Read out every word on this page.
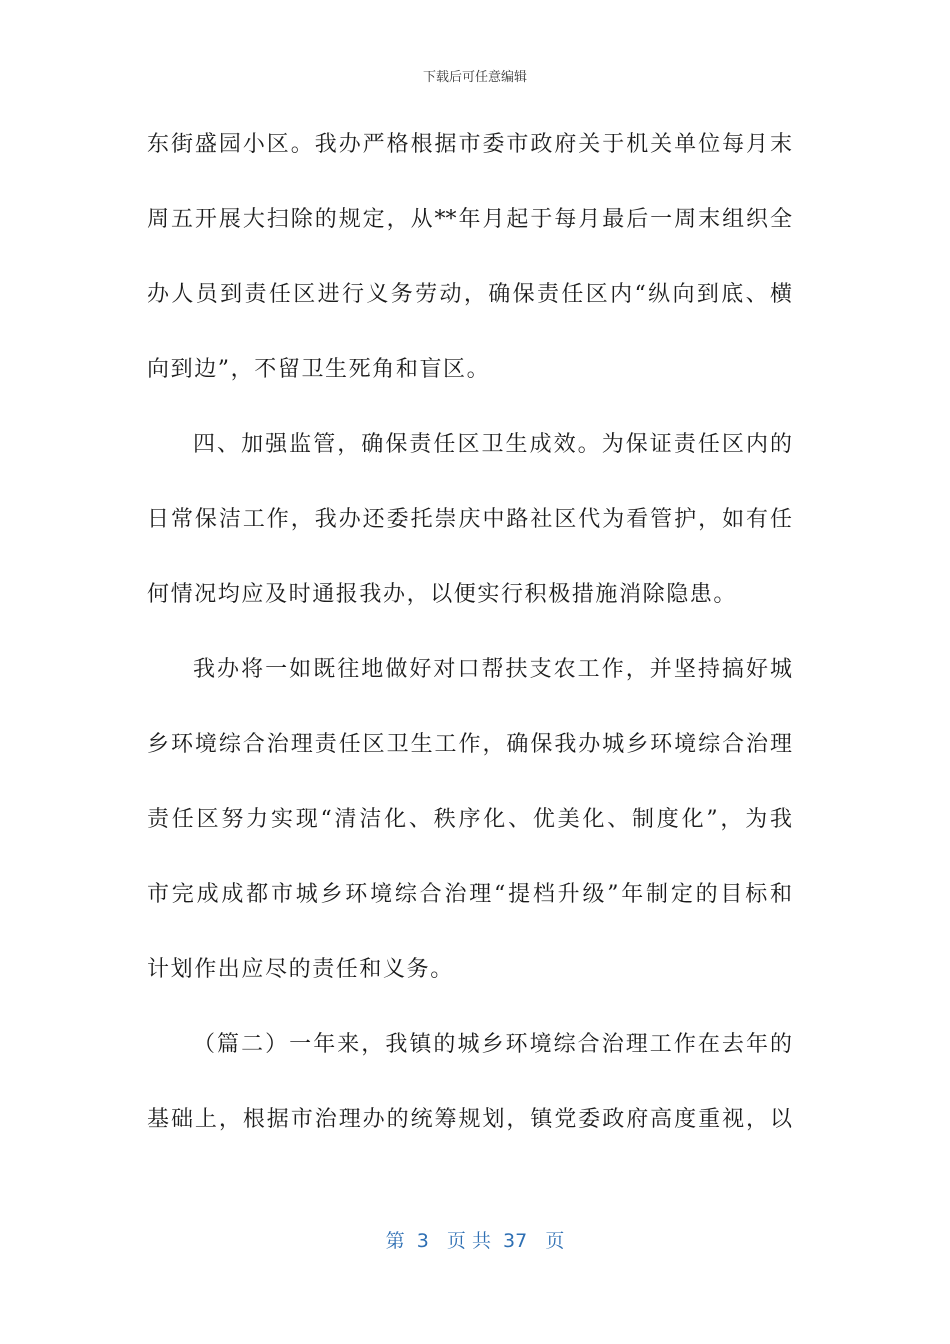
下载后可任意编辑
东街盛园小区。我办严格根据市委市政府关于机关单位每月末
周五开展大扫除的规定，从**年月起于每月最后一周末组织全
办人员到责任区进行义务劳动，确保责任区内“纵向到底、横
向到边”，不留卫生死角和盲区。
四、加强监管，确保责任区卫生成效。为保证责任区内的
日常保洁工作，我办还委托崇庆中路社区代为看管护，如有任
何情况均应及时通报我办，以便实行积极措施消除隐患。
我办将一如既往地做好对口帮扶支农工作，并坚持搞好城
乡环境综合治理责任区卫生工作，确保我办城乡环境综合治理
责任区努力实现“清洁化、秩序化、优美化、制度化”，为我
市完成成都市城乡环境综合治理“提档升级”年制定的目标和
计划作出应尽的责任和义务。
（篇二）一年来，我镇的城乡环境综合治理工作在去年的
基础上，根据市治理办的统筹规划，镇党委政府高度重视，以
第  3   页 共  37   页
